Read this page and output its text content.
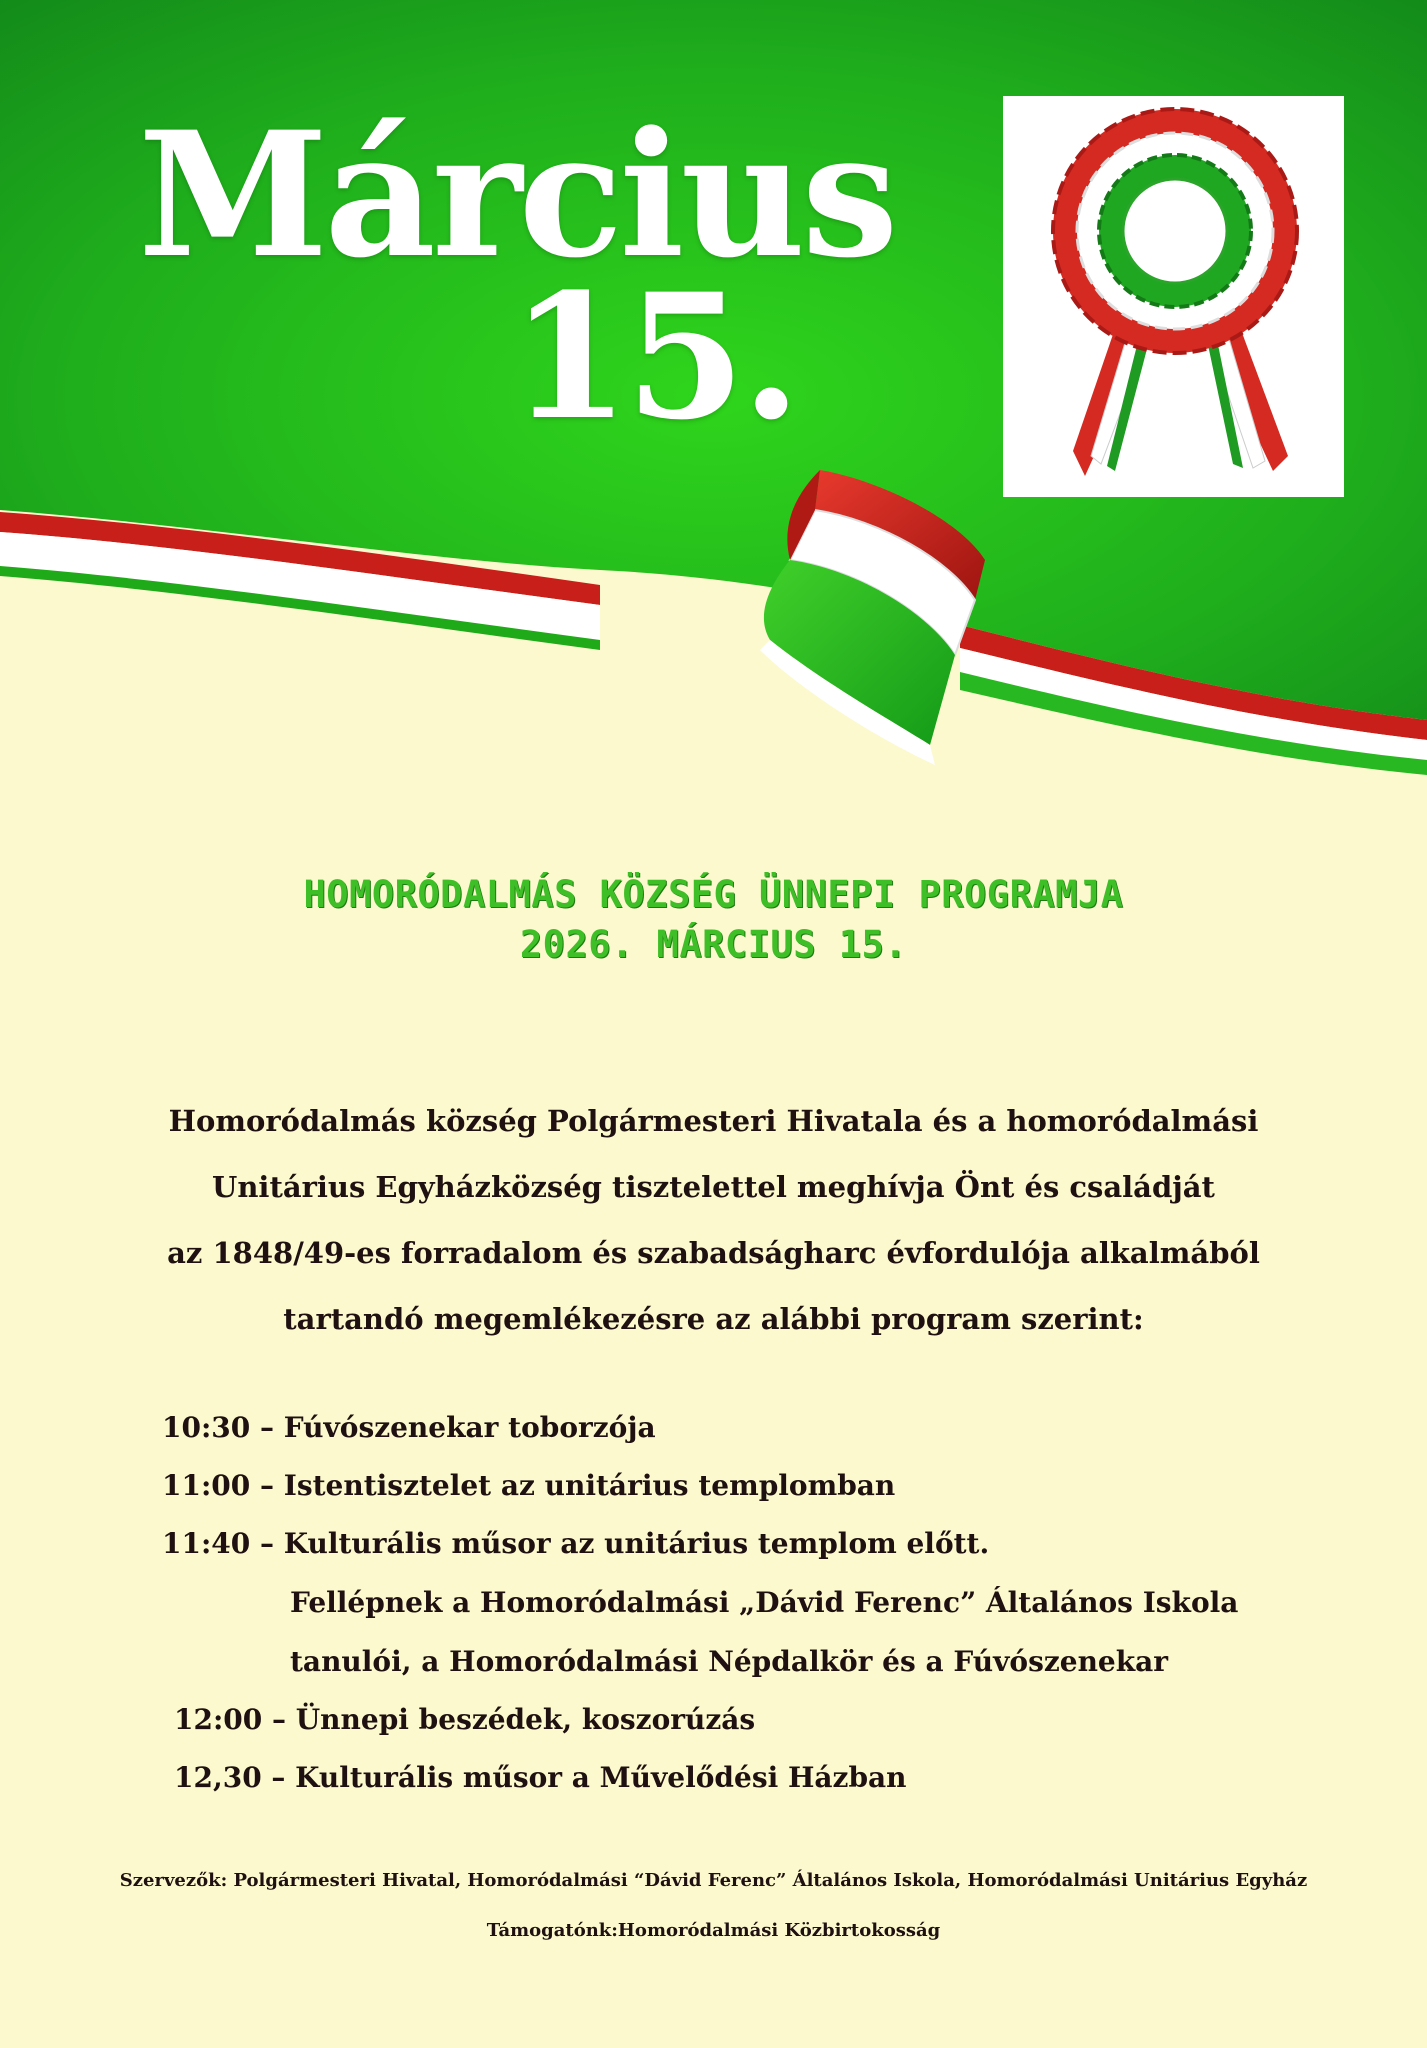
Március
15.
HOMORÓDALMÁS KÖZSÉG ÜNNEPI PROGRAMJA
2026. MÁRCIUS 15.
Homoródalmás község Polgármesteri Hivatala és a homoródalmási
Unitárius Egyházközség tisztelettel meghívja Önt és családját
az 1848/49-es forradalom és szabadságharc évfordulója alkalmából
tartandó megemlékezésre az alábbi program szerint:
10:30 – Fúvószenekar toborzója
11:00 – Istentisztelet az unitárius templomban
11:40 – Kulturális műsor az unitárius templom előtt.
Fellépnek a Homoródalmási „Dávid Ferenc” Általános Iskola
tanulói, a Homoródalmási Népdalkör és a Fúvószenekar
12:00 – Ünnepi beszédek, koszorúzás
12,30 – Kulturális műsor a Művelődési Házban
Szervezők: Polgármesteri Hivatal, Homoródalmási “Dávid Ferenc” Általános Iskola, Homoródalmási Unitárius Egyház
Támogatónk:Homoródalmási Közbirtokosság
